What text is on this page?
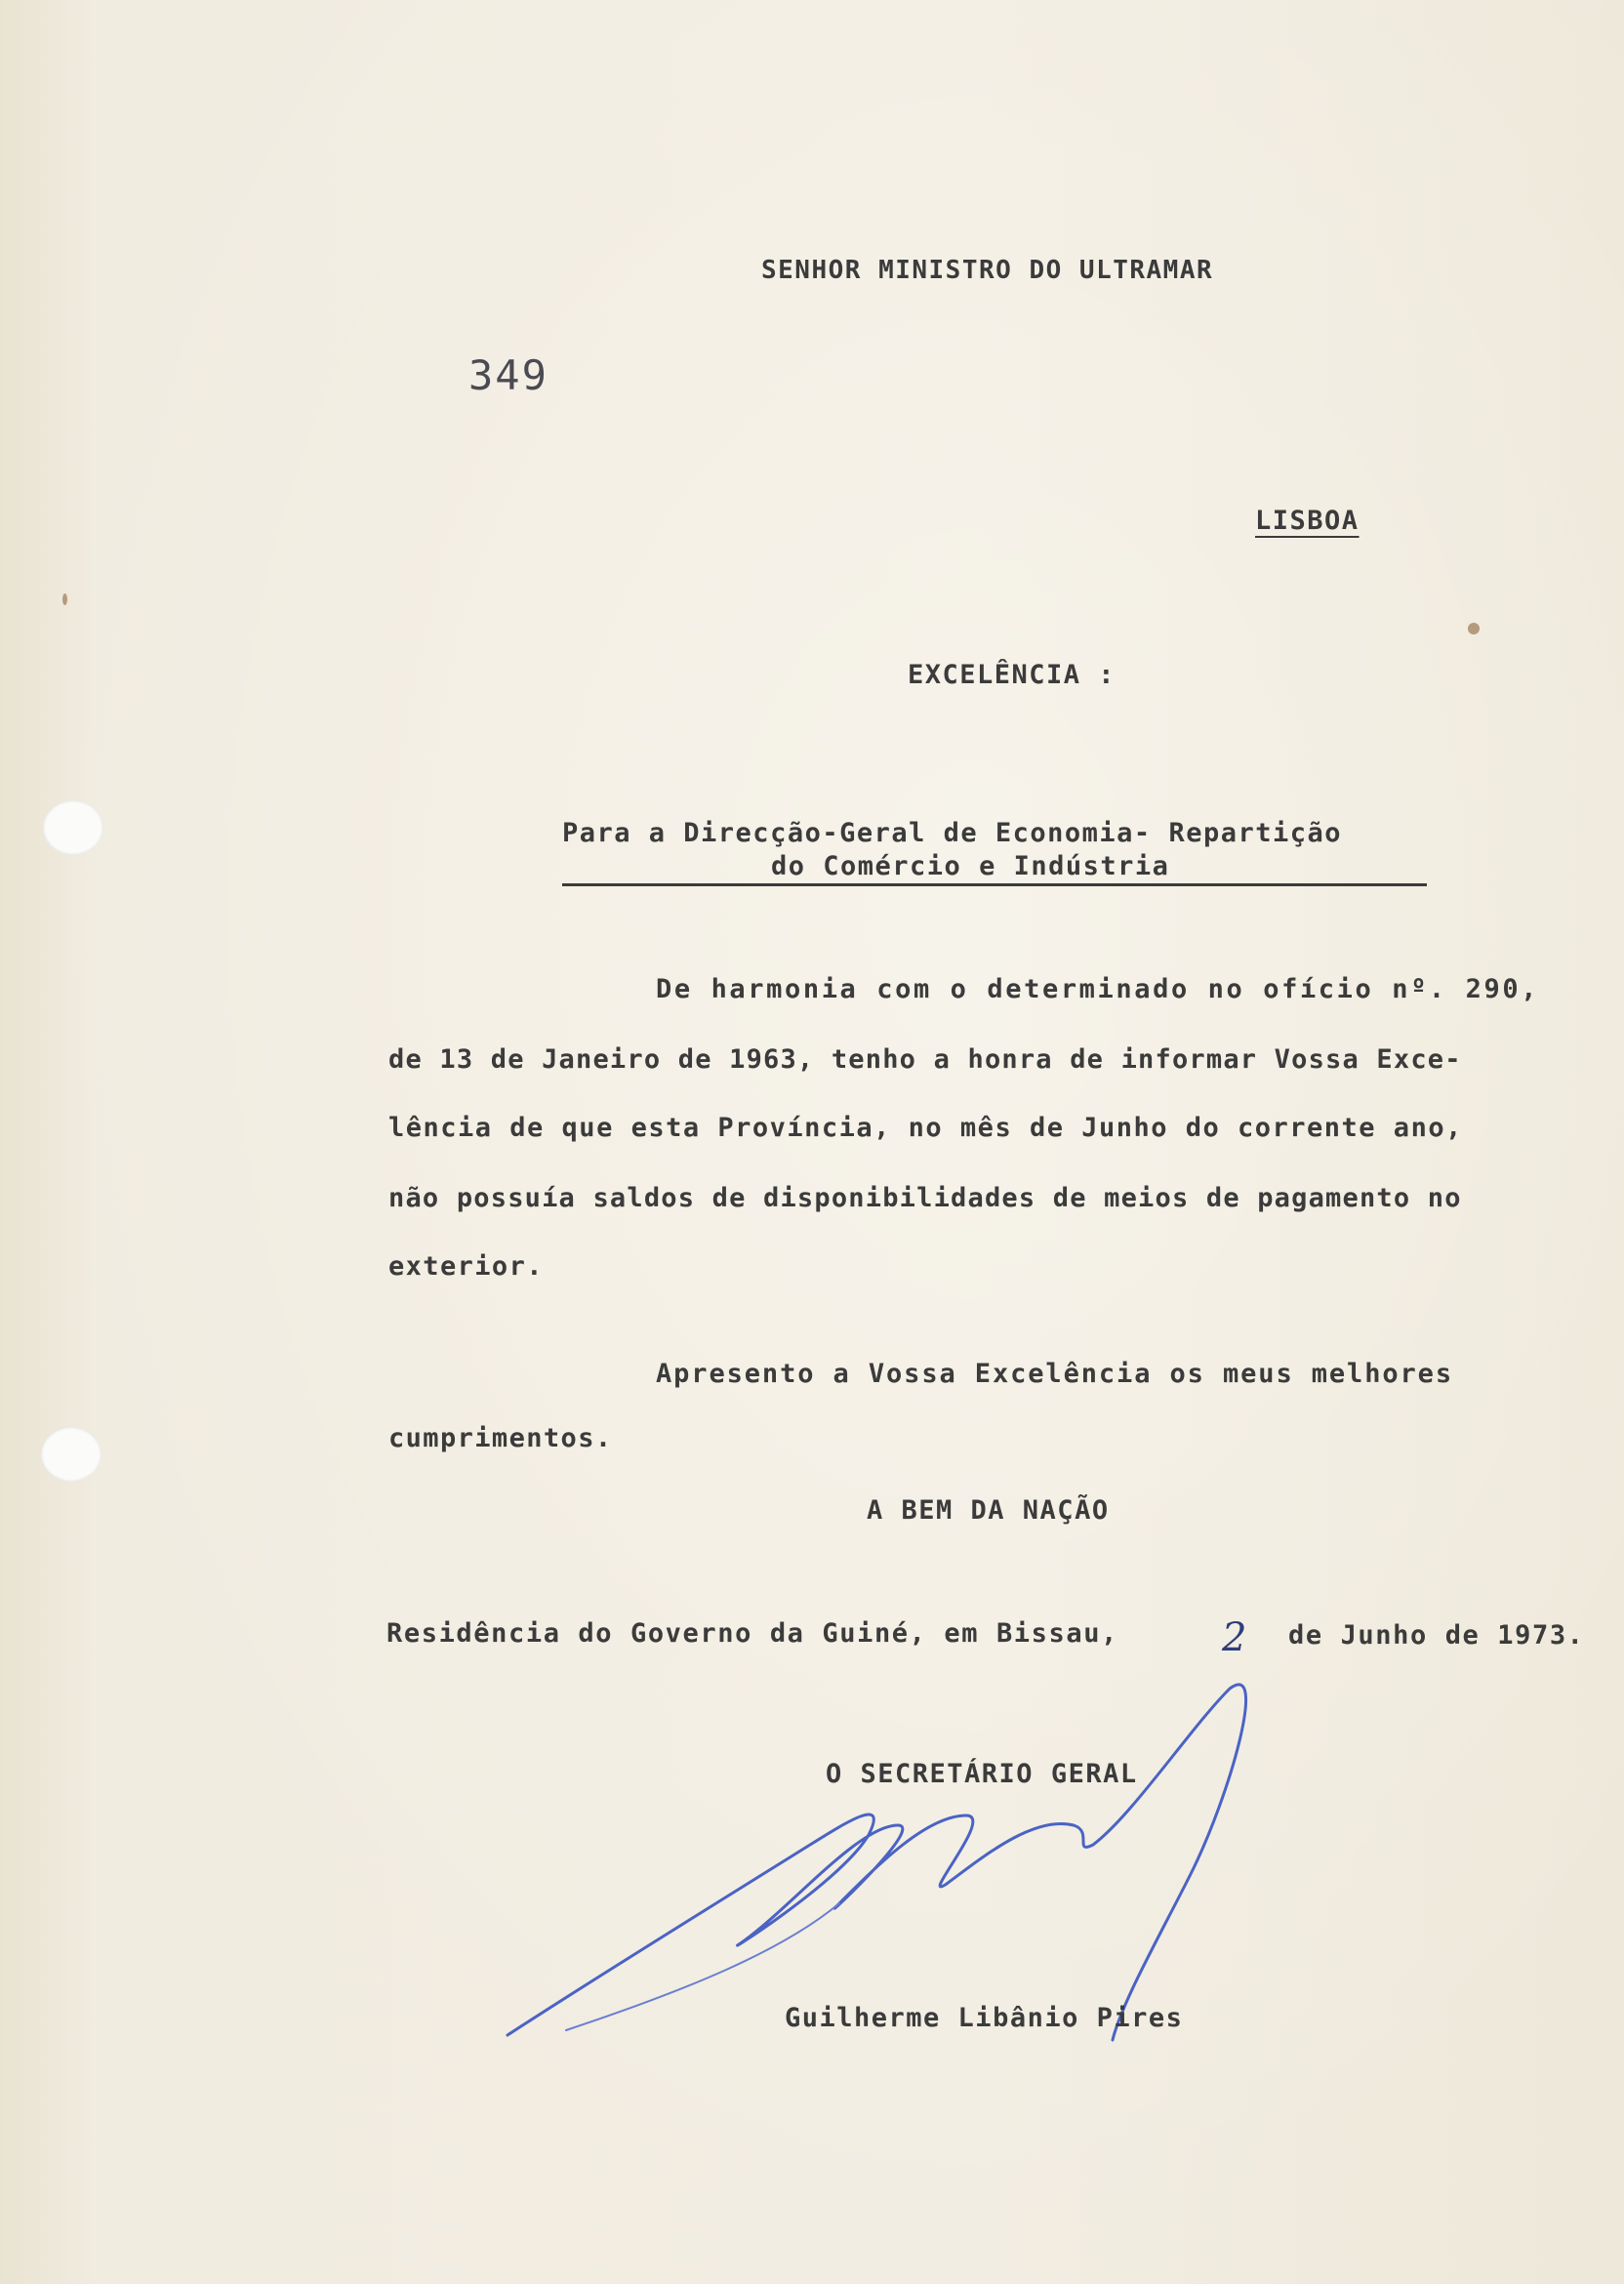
SENHOR MINISTRO DO ULTRAMAR
349
LISBOA
EXCELÊNCIA :
Para a Direcção-Geral de Economia- Repartição
do Comércio e Indústria
De harmonia com o determinado no ofício nº. 290,
de 13 de Janeiro de 1963, tenho a honra de informar Vossa Exce-
lência de que esta Província, no mês de Junho do corrente ano,
não possuía saldos de disponibilidades de meios de pagamento no
exterior.
Apresento a Vossa Excelência os meus melhores
cumprimentos.
A BEM DA NAÇÃO
Residência do Governo da Guiné, em Bissau,	2 de Junho de 1973.
O SECRETÁRIO GERAL
Guilherme Libânio Pires
